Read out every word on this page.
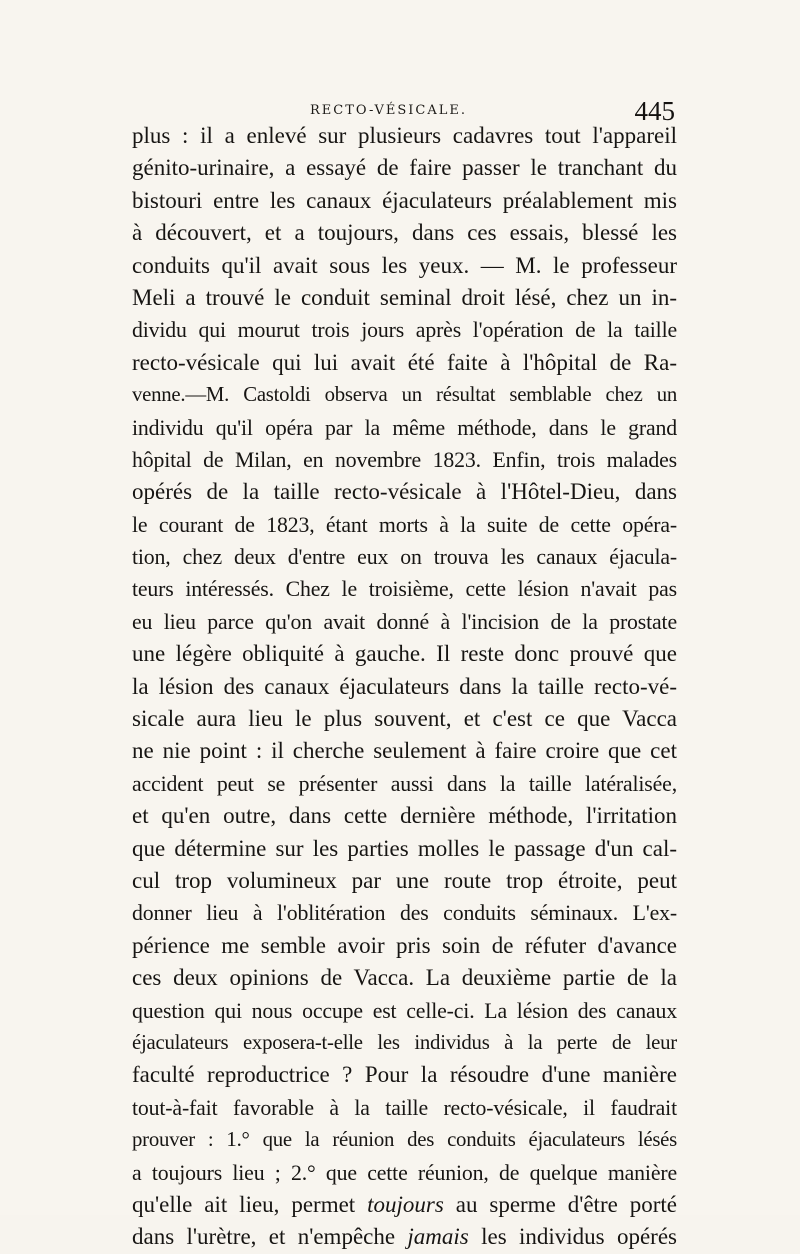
RECTO-VÉSICALE.	445
plus : il a enlevé sur plusieurs cadavres tout l'appareil
génito-urinaire, a essayé de faire passer le tranchant du
bistouri entre les canaux éjaculateurs préalablement mis
à découvert, et a toujours, dans ces essais, blessé les
conduits qu'il avait sous les yeux. — M. le professeur
Meli a trouvé le conduit seminal droit lésé, chez un in-
dividu qui mourut trois jours après l'opération de la taille
recto-vésicale qui lui avait été faite à l'hôpital de Ra-
venne.—M. Castoldi observa un résultat semblable chez un
individu qu'il opéra par la même méthode, dans le grand
hôpital de Milan, en novembre 1823. Enfin, trois malades
opérés de la taille recto-vésicale à l'Hôtel-Dieu, dans
le courant de 1823, étant morts à la suite de cette opéra-
tion, chez deux d'entre eux on trouva les canaux éjacula-
teurs intéressés. Chez le troisième, cette lésion n'avait pas
eu lieu parce qu'on avait donné à l'incision de la prostate
une légère obliquité à gauche. Il reste donc prouvé que
la lésion des canaux éjaculateurs dans la taille recto-vé-
sicale aura lieu le plus souvent, et c'est ce que Vacca
ne nie point : il cherche seulement à faire croire que cet
accident peut se présenter aussi dans la taille latéralisée,
et qu'en outre, dans cette dernière méthode, l'irritation
que détermine sur les parties molles le passage d'un cal-
cul trop volumineux par une route trop étroite, peut
donner lieu à l'oblitération des conduits séminaux. L'ex-
périence me semble avoir pris soin de réfuter d'avance
ces deux opinions de Vacca. La deuxième partie de la
question qui nous occupe est celle-ci. La lésion des canaux
éjaculateurs exposera-t-elle les individus à la perte de leur
faculté reproductrice ? Pour la résoudre d'une manière
tout-à-fait favorable à la taille recto-vésicale, il faudrait
prouver : 1.° que la réunion des conduits éjaculateurs lésés
a toujours lieu ; 2.° que cette réunion, de quelque manière
qu'elle ait lieu, permet toujours au sperme d'être porté
dans l'urètre, et n'empêche jamais les individus opérés
